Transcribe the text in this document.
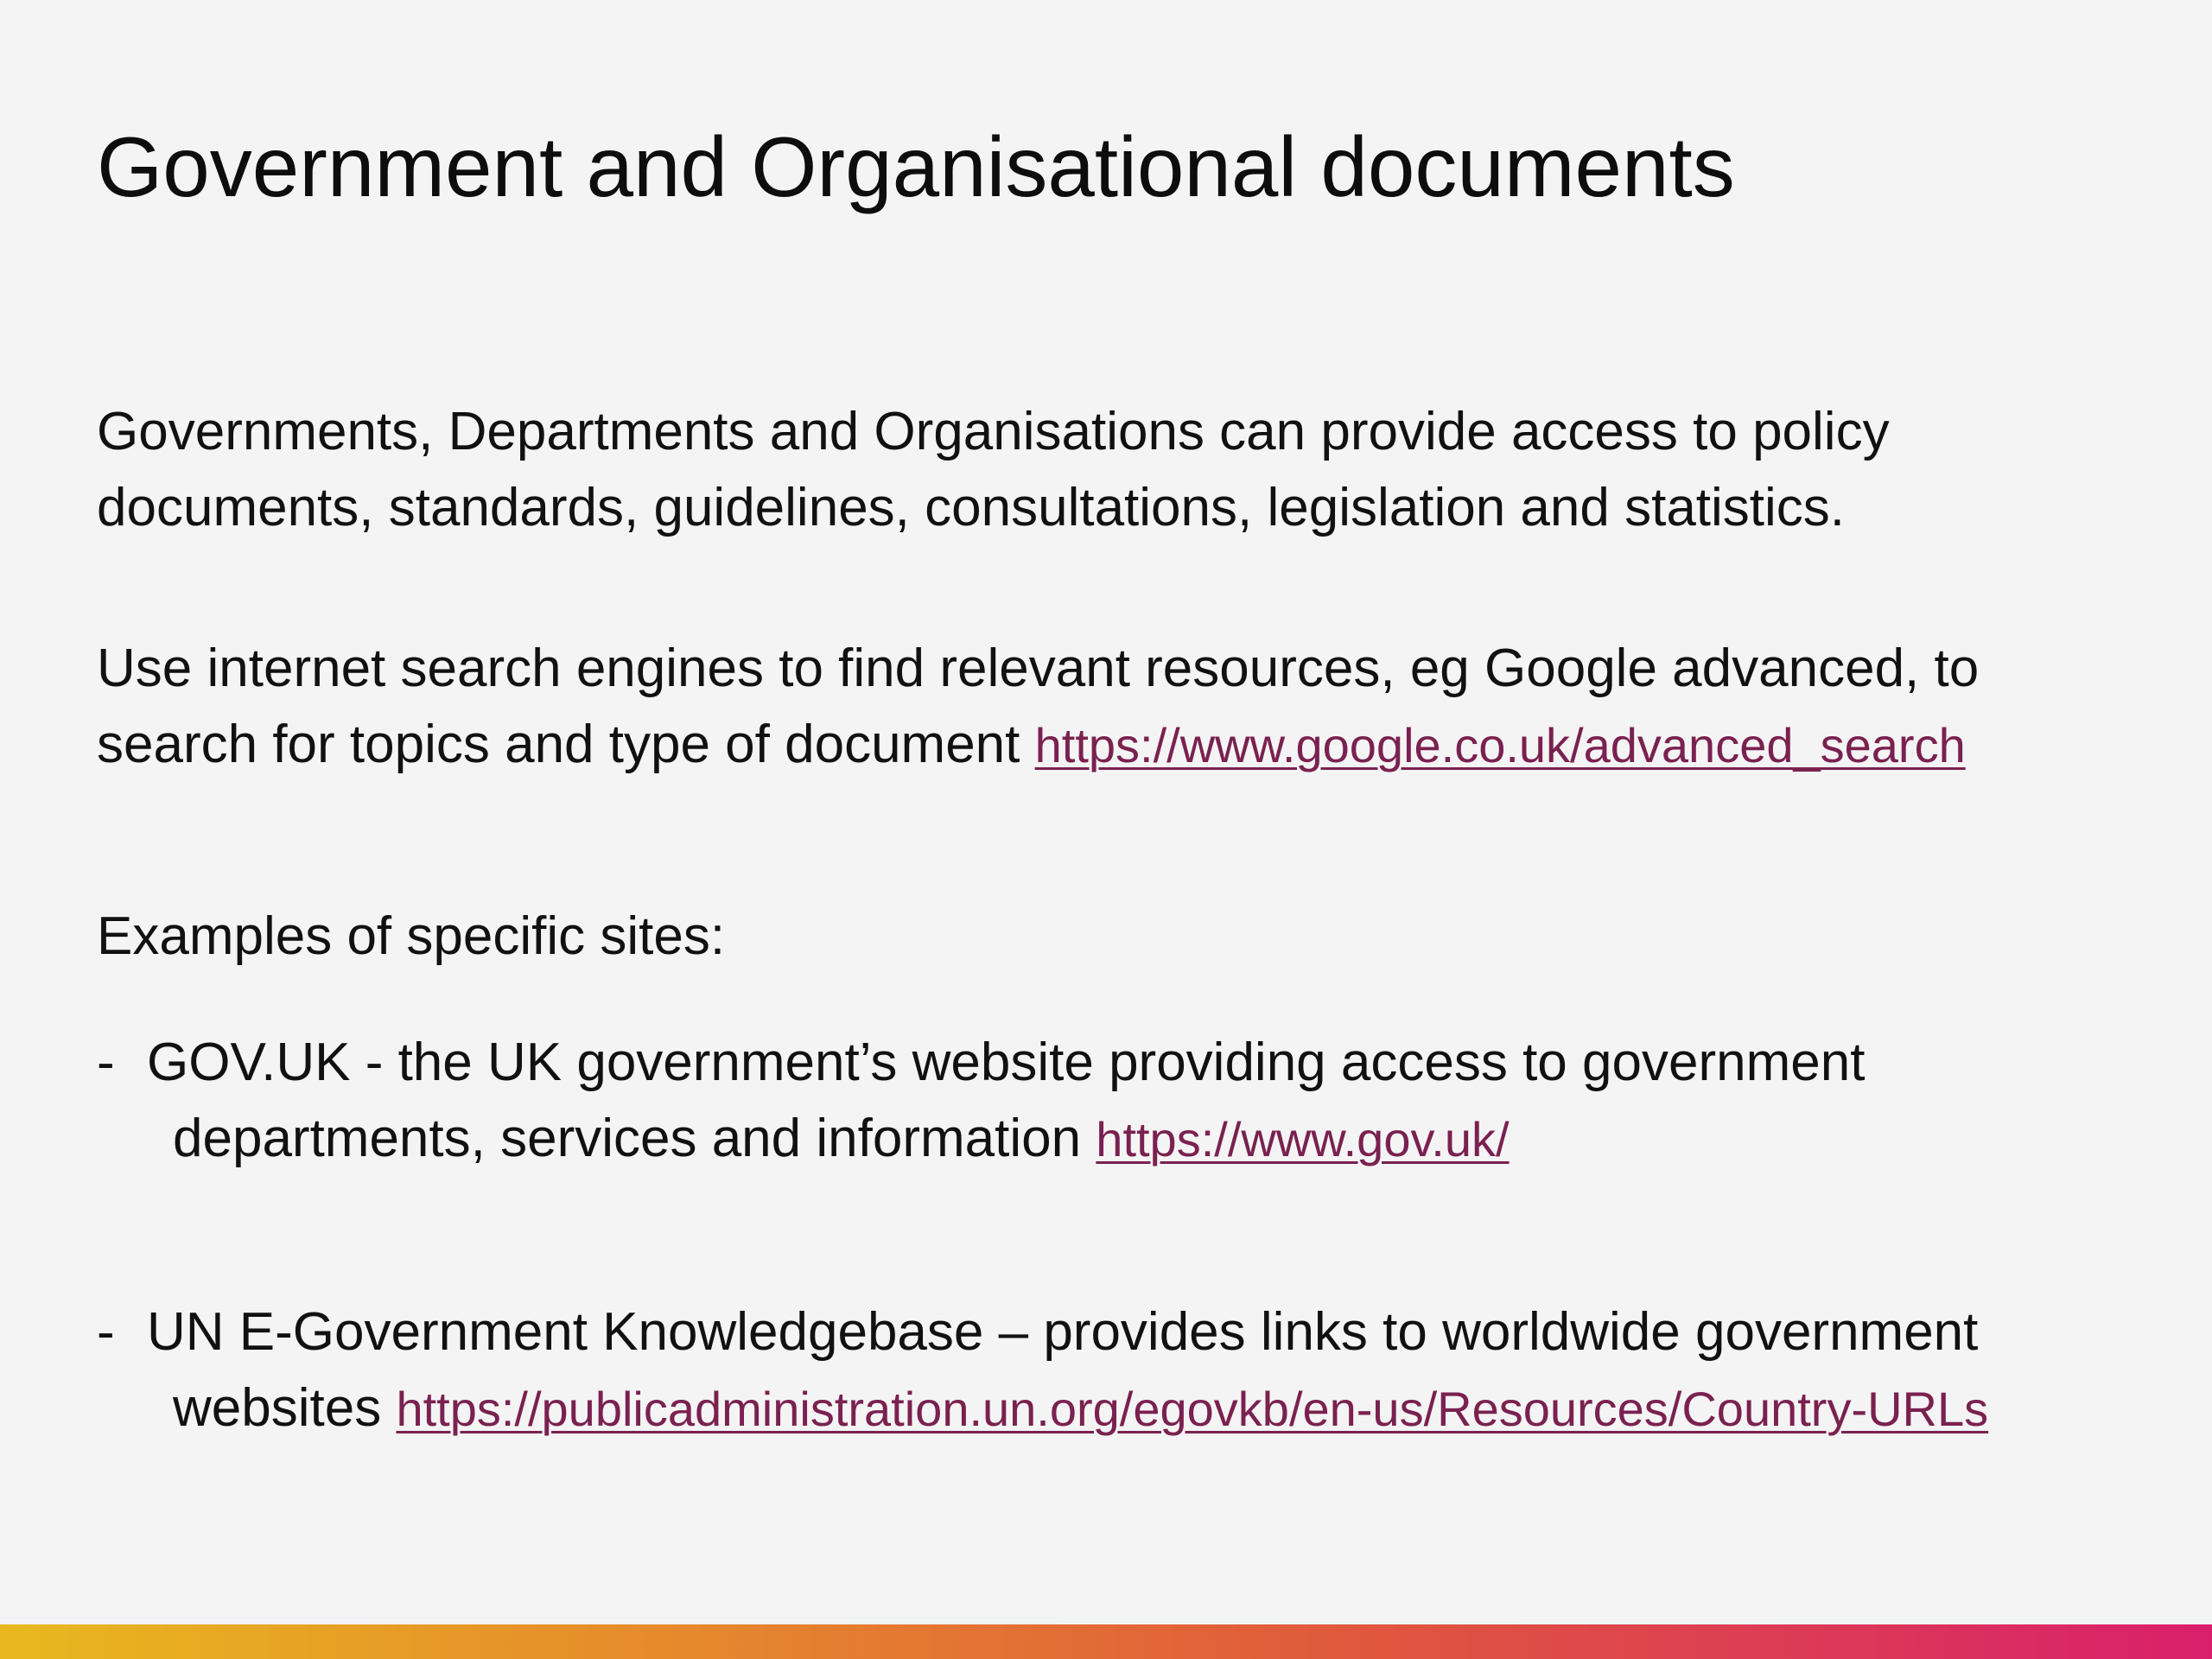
Government and Organisational documents

Governments, Departments and Organisations can provide access to policy documents, standards, guidelines, consultations, legislation and statistics.

Use internet search engines to find relevant resources, eg Google advanced, to search for topics and type of document https://www.google.co.uk/advanced_search

Examples of specific sites:

- GOV.UK - the UK government’s website providing access to government departments, services and information https://www.gov.uk/
- UN E-Government Knowledgebase – provides links to worldwide government websites https://publicadministration.un.org/egovkb/en-us/Resources/Country-URLs
